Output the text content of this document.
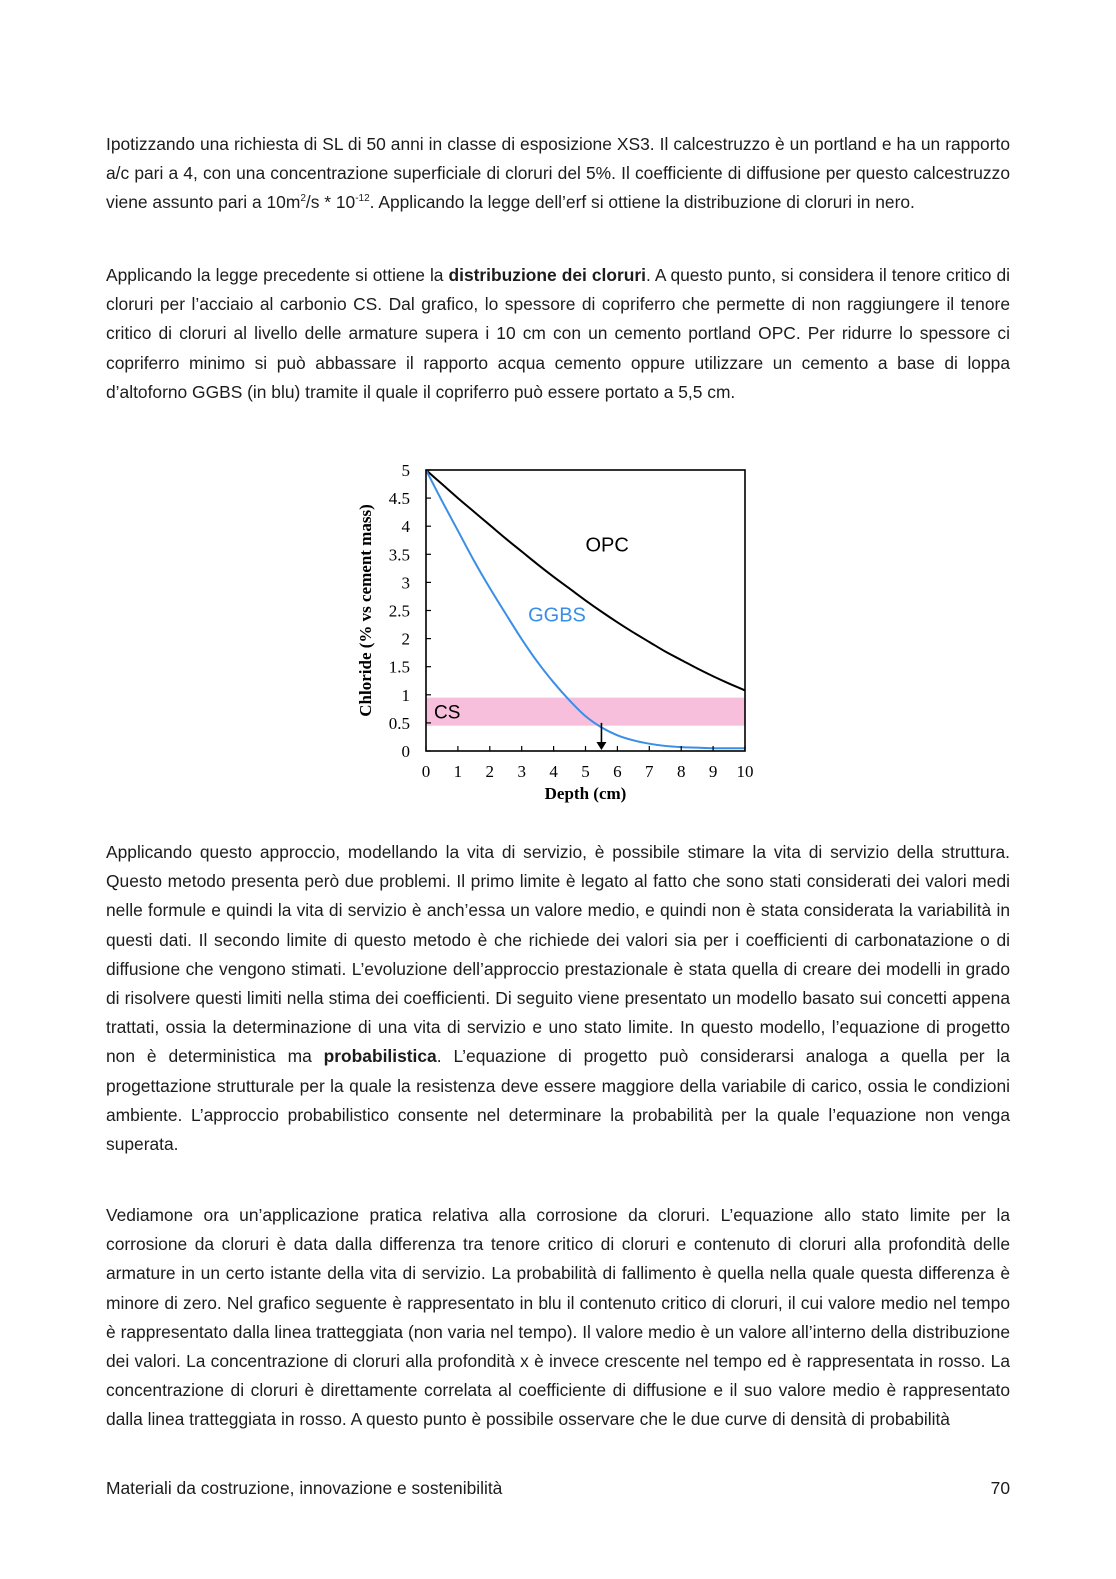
Ipotizzando una richiesta di SL di 50 anni in classe di esposizione XS3. Il calcestruzzo è un portland e ha un rapporto a/c pari a 4, con una concentrazione superficiale di cloruri del 5%. Il coefficiente di diffusione per questo calcestruzzo viene assunto pari a $10m^2/s * 10^{-12}$. Applicando la legge dell’erf si ottiene la distribuzione di cloruri in nero.

Applicando la legge precedente si ottiene la distribuzione dei cloruri. A questo punto, si considera il tenore critico di cloruri per l’acciaio al carbonio CS. Dal grafico, lo spessore di copriferro che permette di non raggiungere il tenore critico di cloruri al livello delle armature supera i 10 cm con un cemento portland OPC. Per ridurre lo spessore ci copriferro minimo si può abbassare il rapporto acqua cemento oppure utilizzare un cemento a base di loppa d’altoforno GGBS (in blu) tramite il quale il copriferro può essere portato a 5,5 cm.

CS
OPC
GGBS
0 1 2 3 4 5 6 7 8 9 10
0
0.5
1
1.5
2
2.5
3
3.5
4
4.5
5
Depth (cm)
Chloride (% vs cement mass)

Applicando questo approccio, modellando la vita di servizio, è possibile stimare la vita di servizio della struttura. Questo metodo presenta però due problemi. Il primo limite è legato al fatto che sono stati considerati dei valori medi nelle formule e quindi la vita di servizio è anch’essa un valore medio, e quindi non è stata considerata la variabilità in questi dati. Il secondo limite di questo metodo è che richiede dei valori sia per i coefficienti di carbonatazione o di diffusione che vengono stimati. L’evoluzione dell’approccio prestazionale è stata quella di creare dei modelli in grado di risolvere questi limiti nella stima dei coefficienti. Di seguito viene presentato un modello basato sui concetti appena trattati, ossia la determinazione di una vita di servizio e uno stato limite. In questo modello, l’equazione di progetto non è deterministica ma probabilistica. L’equazione di progetto può considerarsi analoga a quella per la progettazione strutturale per la quale la resistenza deve essere maggiore della variabile di carico, ossia le condizioni ambiente. L’approccio probabilistico consente nel determinare la probabilità per la quale l’equazione non venga superata.

Vediamone ora un’applicazione pratica relativa alla corrosione da cloruri. L’equazione allo stato limite per la corrosione da cloruri è data dalla differenza tra tenore critico di cloruri e contenuto di cloruri alla profondità delle armature in un certo istante della vita di servizio. La probabilità di fallimento è quella nella quale questa differenza è minore di zero. Nel grafico seguente è rappresentato in blu il contenuto critico di cloruri, il cui valore medio nel tempo è rappresentato dalla linea tratteggiata (non varia nel tempo). Il valore medio è un valore all’interno della distribuzione dei valori. La concentrazione di cloruri alla profondità x è invece crescente nel tempo ed è rappresentata in rosso. La concentrazione di cloruri è direttamente correlata al coefficiente di diffusione e il suo valore medio è rappresentato dalla linea tratteggiata in rosso. A questo punto è possibile osservare che le due curve di densità di probabilità

Materiali da costruzione, innovazione e sostenibilità	70
